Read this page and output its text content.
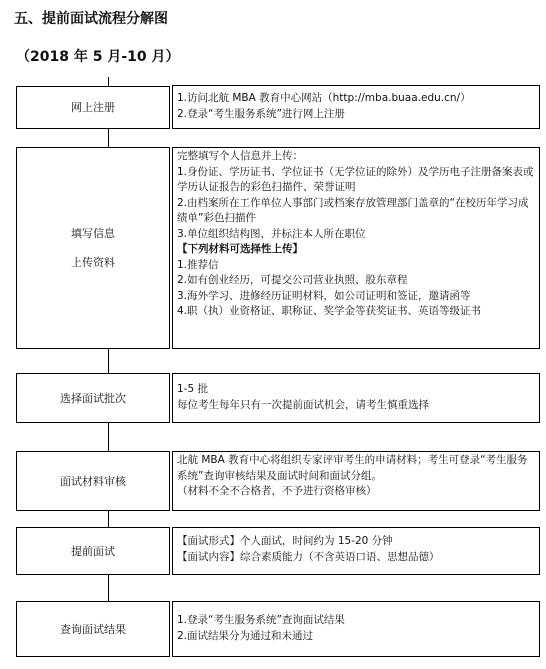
五、提前面试流程分解图
（2018 年 5 月-10 月）
网上注册
1.访问北航 MBA 教育中心网站（http://mba.buaa.edu.cn/）
2.登录“考生服务系统”进行网上注册
填写信息
上传资料
完整填写个人信息并上传：
1.身份证、学历证书、学位证书（无学位证的除外）及学历电子注册备案表或学历认证报告的彩色扫描件、荣誉证明
2.由档案所在工作单位人事部门或档案存放管理部门盖章的“在校历年学习成绩单”彩色扫描件
3.单位组织结构图，并标注本人所在职位
【下列材料可选择性上传】
1.推荐信
2.如有创业经历，可提交公司营业执照、股东章程
3.海外学习、进修经历证明材料，如公司证明和签证，邀请函等
4.职（执）业资格证、职称证、奖学金等获奖证书、英语等级证书
选择面试批次
1-5 批
每位考生每年只有一次提前面试机会，请考生慎重选择
面试材料审核
北航 MBA 教育中心将组织专家评审考生的申请材料；考生可登录“考生服务系统”查询审核结果及面试时间和面试分组。
（材料不全不合格者，不予进行资格审核）
提前面试
【面试形式】个人面试，时间约为 15-20 分钟
【面试内容】综合素质能力（不含英语口语、思想品德）
查询面试结果
1.登录“考生服务系统”查询面试结果
2.面试结果分为通过和未通过
